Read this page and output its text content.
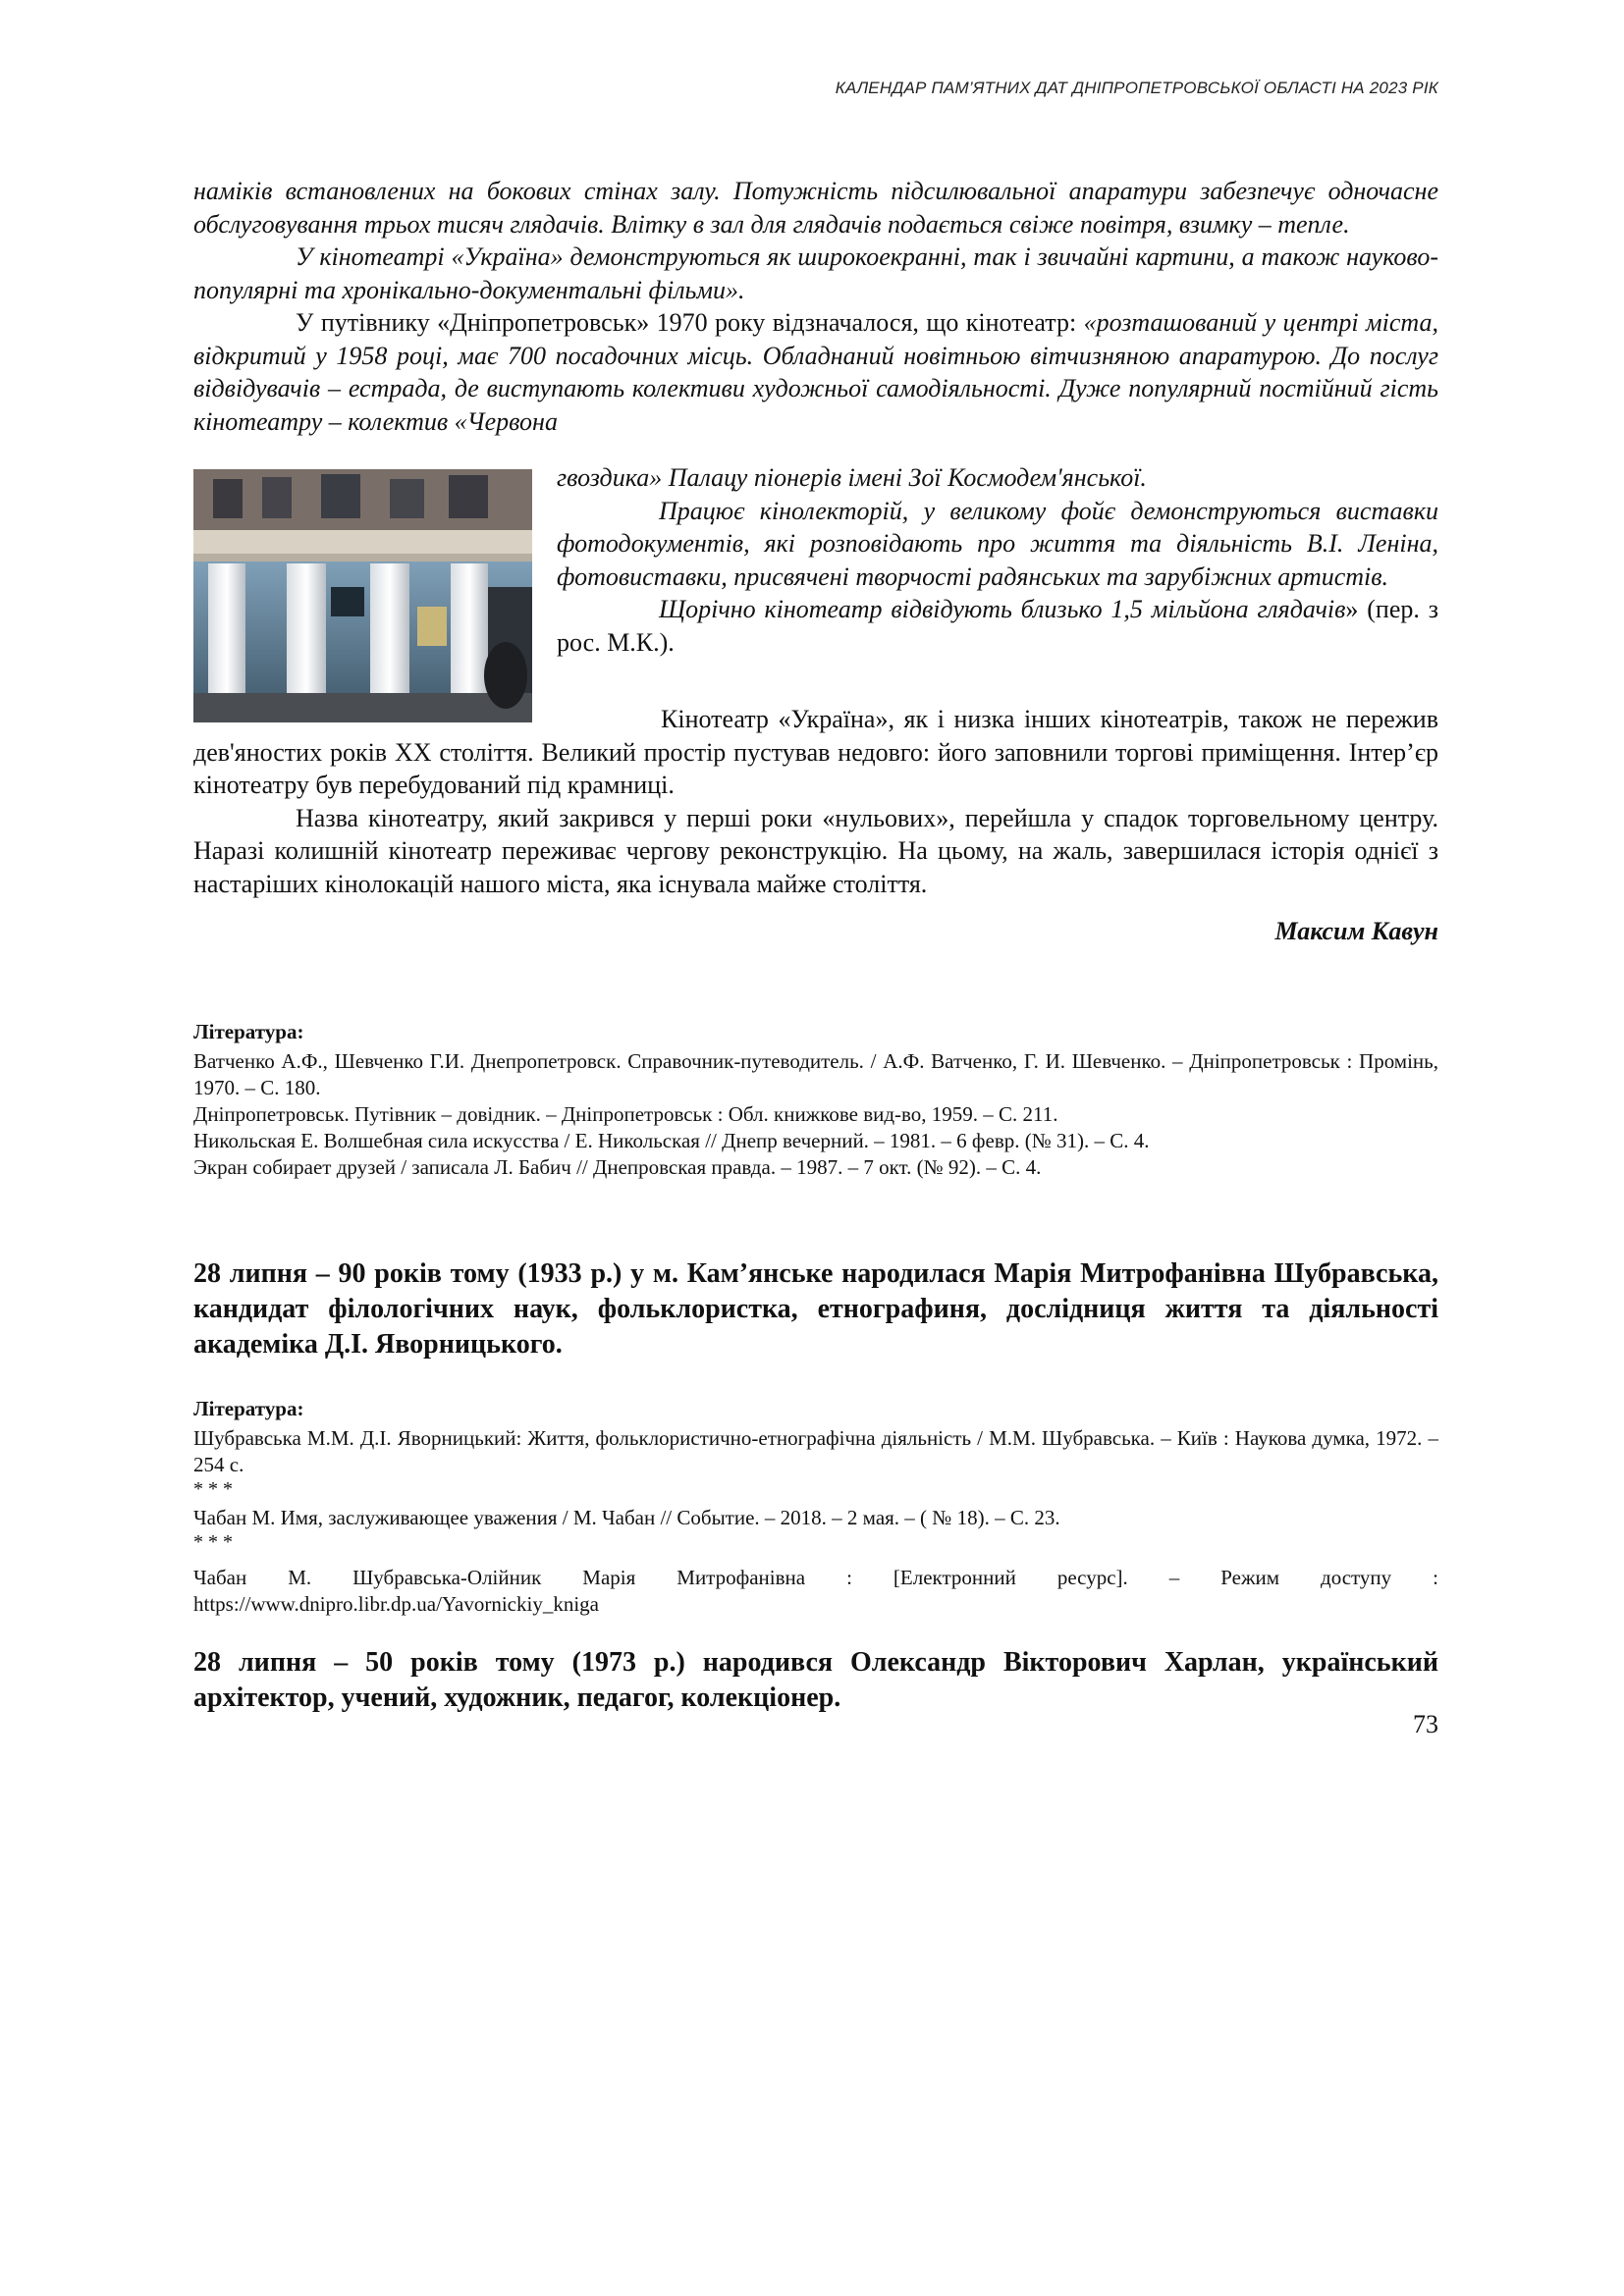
КАЛЕНДАР ПАМ’ЯТНИХ ДАТ ДНІПРОПЕТРОВСЬКОЇ ОБЛАСТІ НА 2023 РІК

наміків встановлених на бокових стінах залу. Потужність підсилювальної апаратури забезпечує одночасне обслуговування трьох тисяч глядачів. Влітку в зал для глядачів подається свіже повітря, взимку – тепле.

У кінотеатрі «Україна» демонструються як широкоекранні, так і звичайні картини, а також науково-популярні та хронікально-документальні фільми».

У путівнику «Дніпропетровськ» 1970 року відзначалося, що кінотеатр: «розташований у центрі міста, відкритий у 1958 році, має 700 посадочних місць. Обладнаний новітньою вітчизняною апаратурою. До послуг відвідувачів – естрада, де виступають колективи художньої самодіяльності. Дуже популярний постійний гість кінотеатру – колектив «Червона

гвоздика» Палацу піонерів імені Зої Космодем'янської.

Працює кінолекторій, у великому фойє демонструються виставки фотодокументів, які розповідають про життя та діяльність В.І. Леніна, фотовиставки, присвячені творчості радянських та зарубіжних артистів.

Щорічно кінотеатр відвідують близько 1,5 мільйона глядачів» (пер. з рос. М.К.).

Кінотеатр «Україна», як і низка інших кінотеатрів, також не пережив дев'яностих років ХХ століття. Великий простір пустував недовго: його заповнили торгові приміщення. Інтер’єр кінотеатру був перебудований під крамниці.

Назва кінотеатру, який закрився у перші роки «нульових», перейшла у спадок торговельному центру. Наразі колишній кінотеатр переживає чергову реконструкцію. На цьому, на жаль, завершилася історія однієї з настаріших кінолокацій нашого міста, яка існувала майже століття.

Максим Кавун
Література:

Ватченко А.Ф., Шевченко Г.И. Днепропетровск. Справочник-путеводитель. / А.Ф. Ватченко, Г. И. Шевченко. – Дніпропетровськ : Промінь, 1970. – С. 180.

Дніпропетровськ. Путівник – довідник. – Дніпропетровськ : Обл. книжкове вид-во, 1959. – С. 211.

Никольская Е. Волшебная сила искусства / Е. Никольская // Днепр вечерний. – 1981. – 6 февр. (№ 31). – С. 4.

Экран собирает друзей / записала Л. Бабич // Днепровская правда. – 1987. – 7 окт. (№ 92). – С. 4.

28 липня – 90 років тому (1933 р.) у м. Кам’янське народилася Марія Митрофанівна Шубравська, кандидат філологічних наук, фольклористка, етнографиня, дослідниця життя та діяльності академіка Д.І. Яворницького.

Література:

Шубравська М.М. Д.І. Яворницький: Життя, фольклористично-етнографічна діяльність / М.М. Шубравська. – Київ : Наукова думка, 1972. – 254 с.

* * *

Чабан М. Имя, заслуживающее уважения / М. Чабан // Событие. – 2018. – 2 мая. – ( № 18). – С. 23.

* * *

Чабан М. Шубравська-Олійник Марія Митрофанівна : [Електронний ресурс]. – Режим доступу : https://www.dnipro.libr.dp.ua/Yavornickiy_kniga

28 липня – 50 років тому (1973 р.) народився Олександр Вікторович Харлан, український архітектор, учений, художник, педагог, колекціонер.

73
